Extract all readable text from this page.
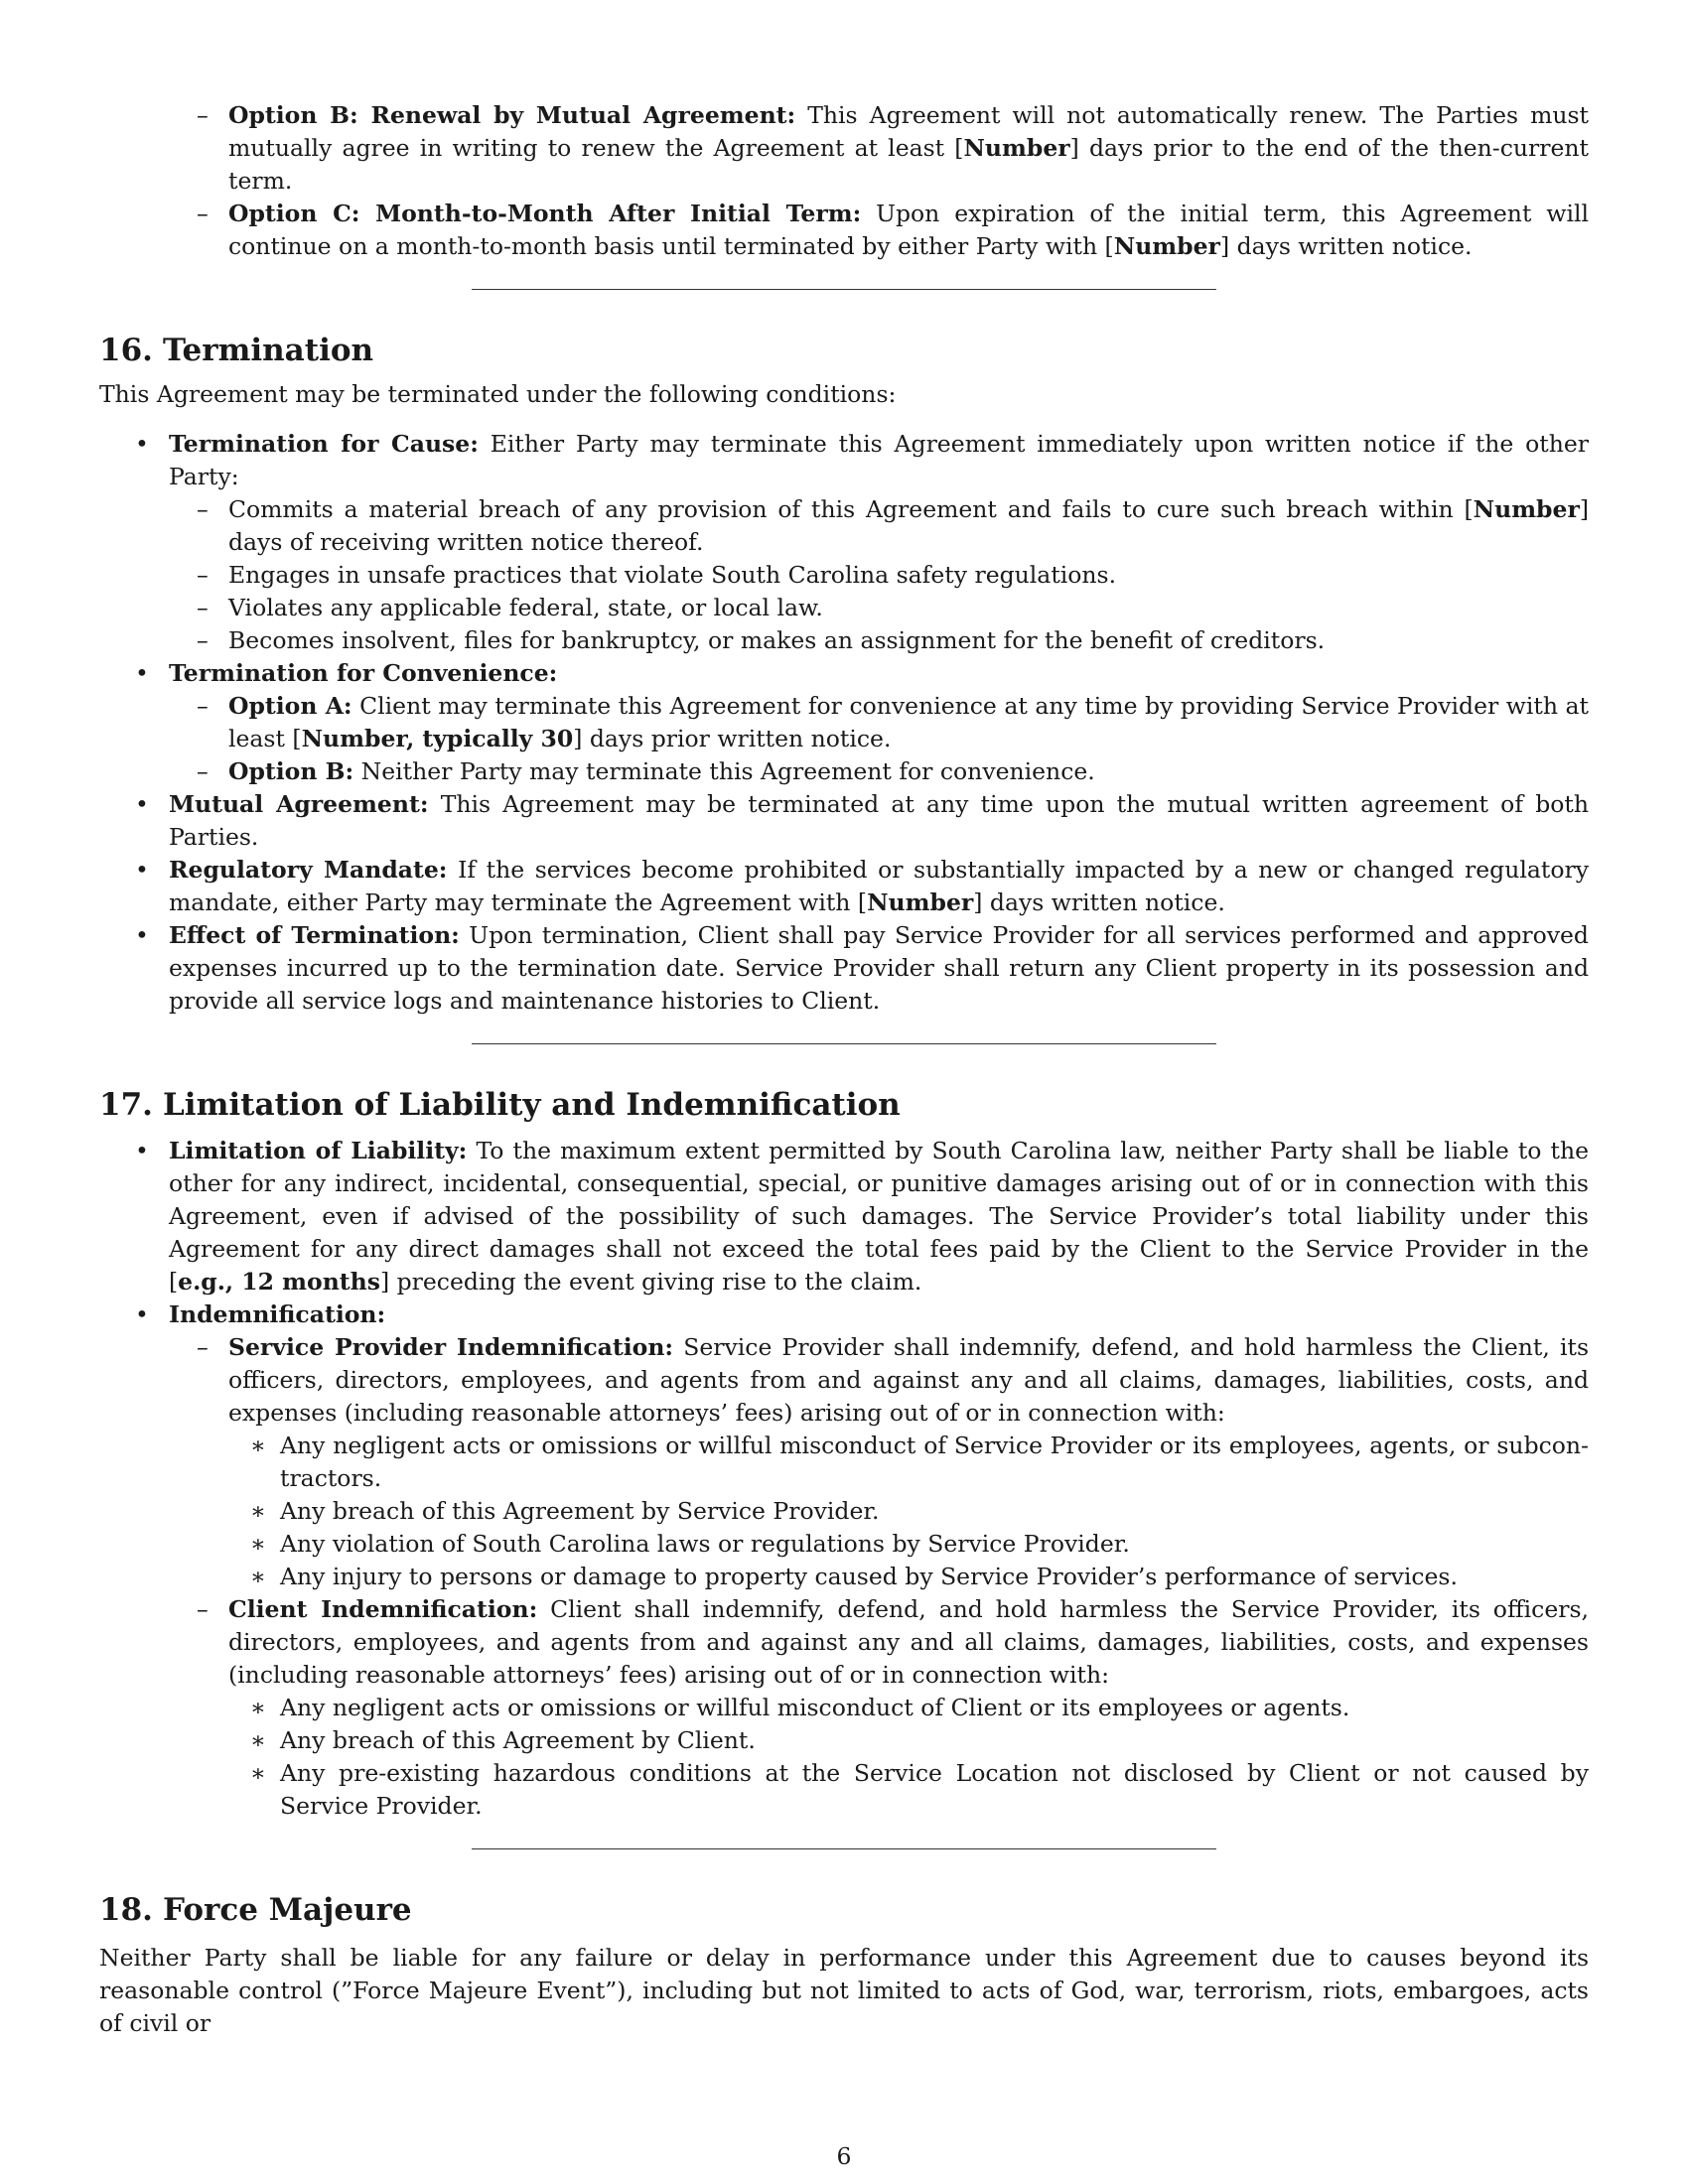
– Option B: Renewal by Mutual Agreement: This Agreement will not automatically renew. The Parties must mutually agree in writing to renew the Agreement at least [Number] days prior to the end of the then-current term.
– Option C: Month-to-Month After Initial Term: Upon expiration of the initial term, this Agreement will continue on a month-to-month basis until terminated by either Party with [Number] days written notice.
16. Termination

This Agreement may be terminated under the following conditions:

• Termination for Cause: Either Party may terminate this Agreement immediately upon written notice if the other Party:
– Commits a material breach of any provision of this Agreement and fails to cure such breach within [Number] days of receiving written notice thereof.
– Engages in unsafe practices that violate South Carolina safety regulations.
– Violates any applicable federal, state, or local law.
– Becomes insolvent, files for bankruptcy, or makes an assignment for the benefit of creditors.
• Termination for Convenience:
– Option A: Client may terminate this Agreement for convenience at any time by providing Service Provider with at least [Number, typically 30] days prior written notice.
– Option B: Neither Party may terminate this Agreement for convenience.
• Mutual Agreement: This Agreement may be terminated at any time upon the mutual written agreement of both Parties.
• Regulatory Mandate: If the services become prohibited or substantially impacted by a new or changed regulatory mandate, either Party may terminate the Agreement with [Number] days written notice.
• Effect of Termination: Upon termination, Client shall pay Service Provider for all services performed and approved expenses incurred up to the termination date. Service Provider shall return any Client property in its possession and provide all service logs and maintenance histories to Client.
17. Limitation of Liability and Indemnification
• Limitation of Liability: To the maximum extent permitted by South Carolina law, neither Party shall be liable to the other for any indirect, incidental, consequential, special, or punitive damages arising out of or in connection with this Agreement, even if advised of the possibility of such damages. The Service Provider’s total liability under this Agreement for any direct damages shall not exceed the total fees paid by the Client to the Service Provider in the [e.g., 12 months] preceding the event giving rise to the claim.
• Indemnification:
– Service Provider Indemnification: Service Provider shall indemnify, defend, and hold harmless the Client, its officers, directors, employees, and agents from and against any and all claims, damages, liabilities, costs, and expenses (including reasonable attorneys’ fees) arising out of or in connection with:
∗ Any negligent acts or omissions or willful misconduct of Service Provider or its employees, agents, or subcon-tractors.
∗ Any breach of this Agreement by Service Provider.
∗ Any violation of South Carolina laws or regulations by Service Provider.
∗ Any injury to persons or damage to property caused by Service Provider’s performance of services.
– Client Indemnification: Client shall indemnify, defend, and hold harmless the Service Provider, its officers, directors, employees, and agents from and against any and all claims, damages, liabilities, costs, and expenses (including reasonable attorneys’ fees) arising out of or in connection with:
∗ Any negligent acts or omissions or willful misconduct of Client or its employees or agents.
∗ Any breach of this Agreement by Client.
∗ Any pre-existing hazardous conditions at the Service Location not disclosed by Client or not caused by Service Provider.
18. Force Majeure

Neither Party shall be liable for any failure or delay in performance under this Agreement due to causes beyond its reasonable control (”Force Majeure Event”), including but not limited to acts of God, war, terrorism, riots, embargoes, acts of civil or

6
